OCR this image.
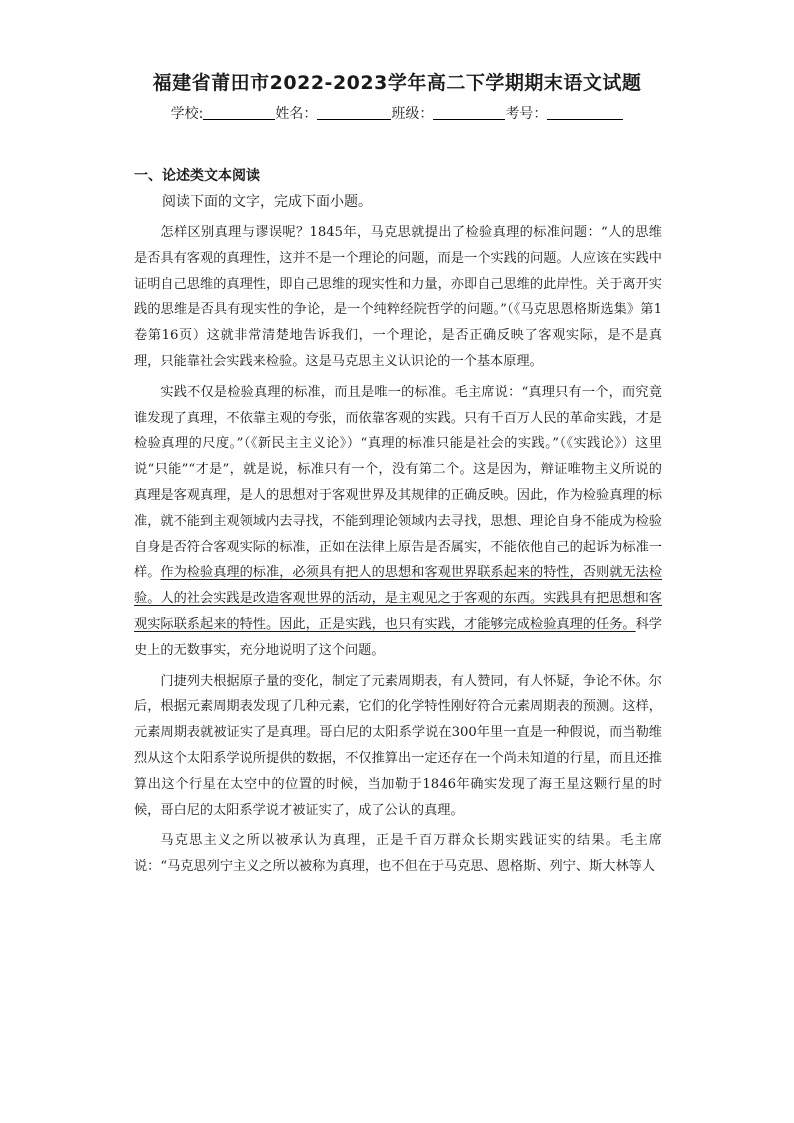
福建省莆田市2022-2023学年高二下学期期末语文试题
学校:	姓名：	班级：	考号：
一、论述类文本阅读
阅读下面的文字，完成下面小题。

怎样区别真理与谬误呢？1845年，马克思就提出了检验真理的标准问题：“人的思维是否具有客观的真理性，这并不是一个理论的问题，而是一个实践的问题。人应该在实践中证明自己思维的真理性，即自己思维的现实性和力量，亦即自己思维的此岸性。关于离开实践的思维是否具有现实性的争论，是一个纯粹经院哲学的问题。”（《马克思恩格斯选集》第1卷第16页）这就非常清楚地告诉我们，一个理论，是否正确反映了客观实际，是不是真理，只能靠社会实践来检验。这是马克思主义认识论的一个基本原理。

实践不仅是检验真理的标准，而且是唯一的标准。毛主席说：“真理只有一个，而究竟谁发现了真理，不依靠主观的夸张，而依靠客观的实践。只有千百万人民的革命实践，才是检验真理的尺度。”（《新民主主义论》）“真理的标准只能是社会的实践。”（《实践论》）这里说“只能”“才是”，就是说，标准只有一个，没有第二个。这是因为，辩证唯物主义所说的真理是客观真理，是人的思想对于客观世界及其规律的正确反映。因此，作为检验真理的标准，就不能到主观领域内去寻找，不能到理论领域内去寻找，思想、理论自身不能成为检验自身是否符合客观实际的标准，正如在法律上原告是否属实，不能依他自己的起诉为标准一样。作为检验真理的标准，必须具有把人的思想和客观世界联系起来的特性，否则就无法检验。人的社会实践是改造客观世界的活动，是主观见之于客观的东西。实践具有把思想和客观实际联系起来的特性。因此，正是实践，也只有实践，才能够完成检验真理的任务。科学史上的无数事实，充分地说明了这个问题。

门捷列夫根据原子量的变化，制定了元素周期表，有人赞同，有人怀疑，争论不休。尔后，根据元素周期表发现了几种元素，它们的化学特性刚好符合元素周期表的预测。这样，元素周期表就被证实了是真理。哥白尼的太阳系学说在300年里一直是一种假说，而当勒维烈从这个太阳系学说所提供的数据，不仅推算出一定还存在一个尚未知道的行星，而且还推算出这个行星在太空中的位置的时候，当加勒于1846年确实发现了海王星这颗行星的时候，哥白尼的太阳系学说才被证实了，成了公认的真理。

马克思主义之所以被承认为真理，正是千百万群众长期实践证实的结果。毛主席说：“马克思列宁主义之所以被称为真理，也不但在于马克思、恩格斯、列宁、斯大林等人
